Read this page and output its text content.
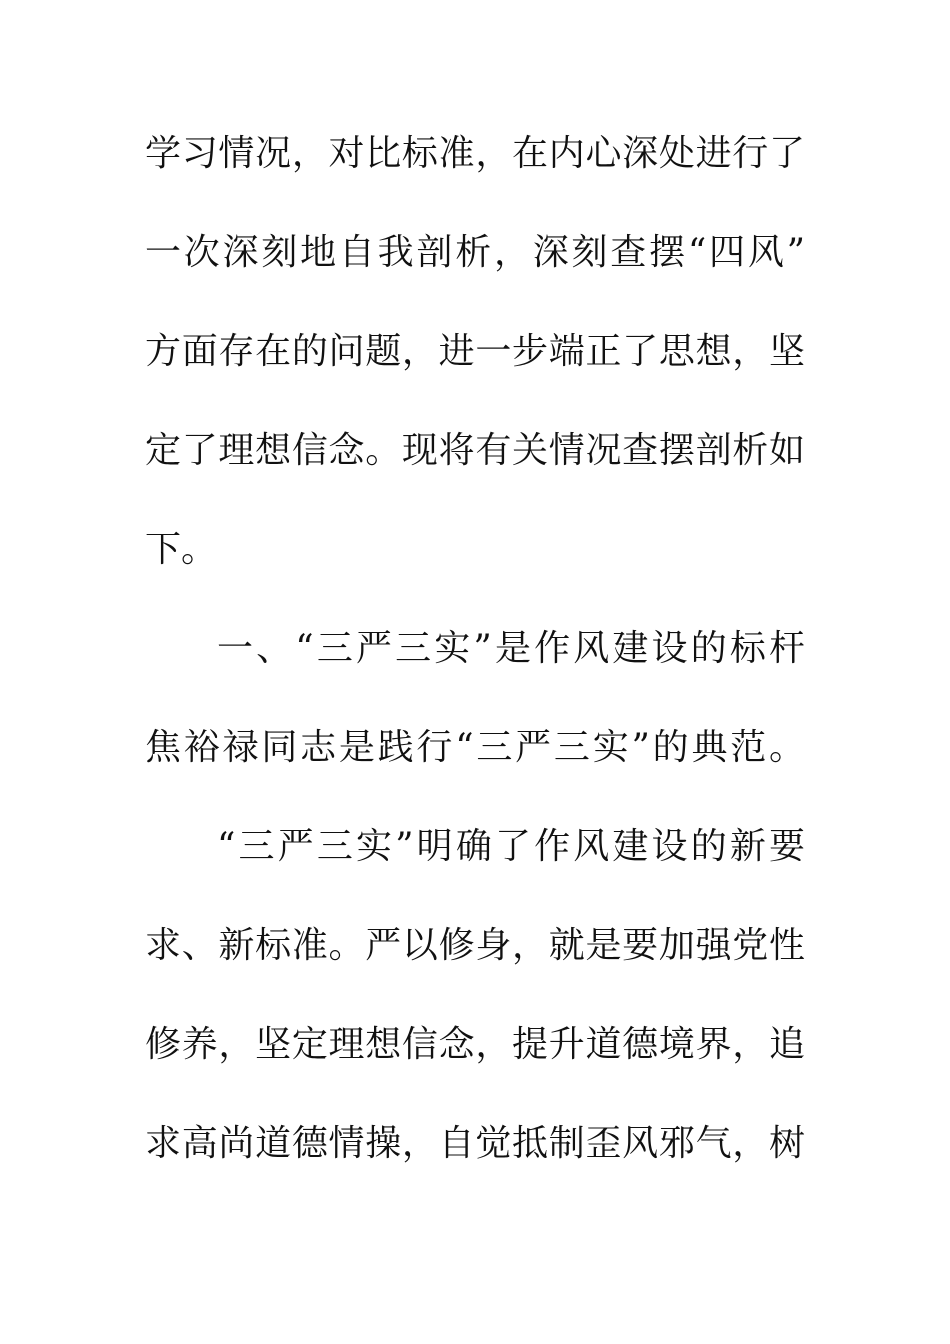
学习情况，对比标准，在内心深处进行了
一次深刻地自我剖析，深刻查摆“四风”
方面存在的问题，进一步端正了思想，坚
定了理想信念。现将有关情况查摆剖析如
下。
一、“三严三实”是作风建设的标杆
焦裕禄同志是践行“三严三实”的典范。
“三严三实”明确了作风建设的新要
求、新标准。严以修身，就是要加强党性
修养，坚定理想信念，提升道德境界，追
求高尚道德情操，自觉抵制歪风邪气，树
